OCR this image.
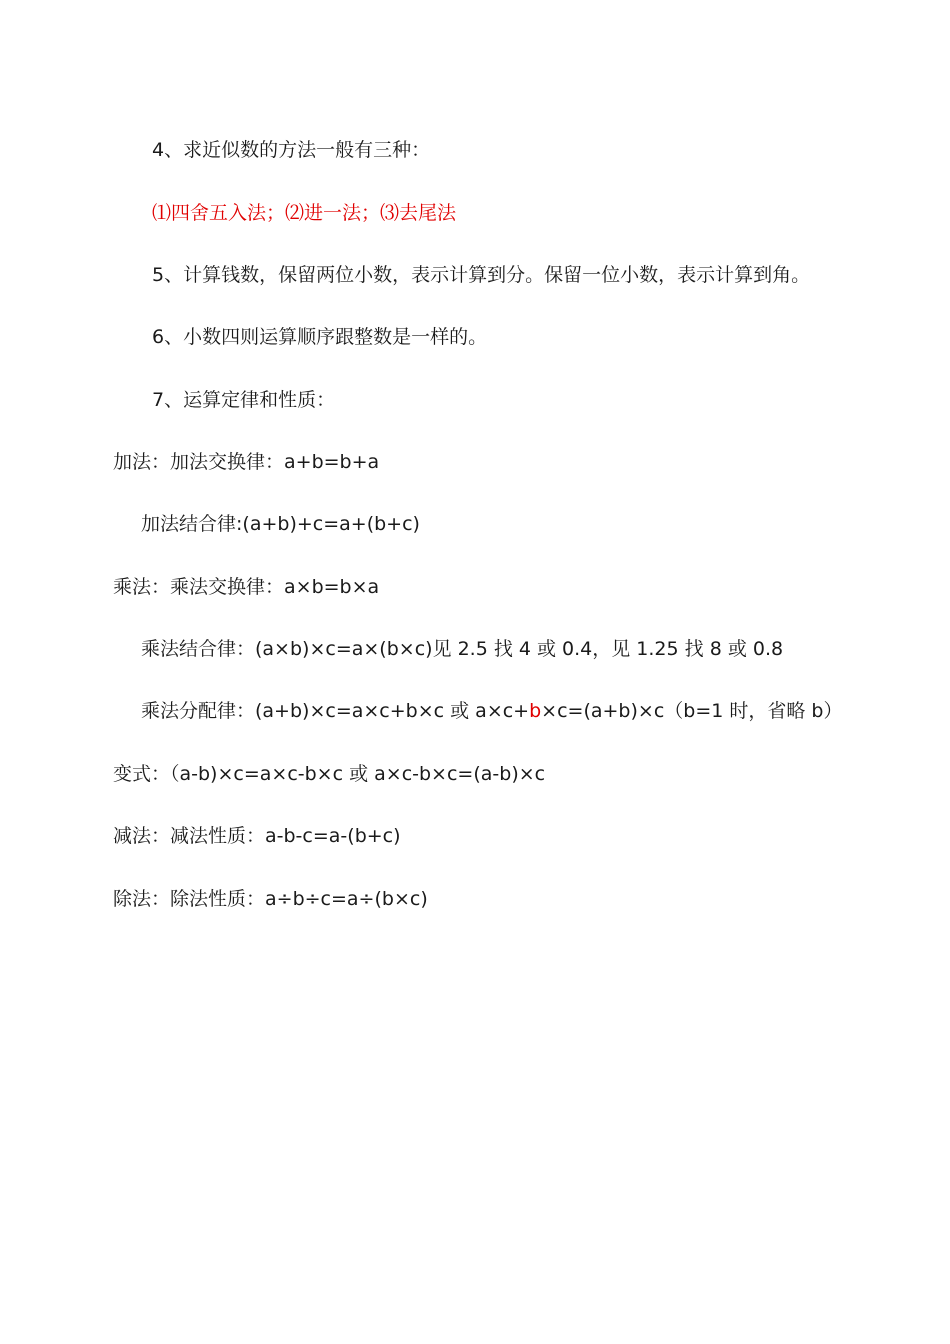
4、求近似数的方法一般有三种：
⑴四舍五入法；⑵进一法；⑶去尾法
5、计算钱数，保留两位小数，表示计算到分。保留一位小数，表示计算到角。
6、小数四则运算顺序跟整数是一样的。
7、运算定律和性质：
加法：加法交换律：a+b=b+a
加法结合律:(a+b)+c=a+(b+c)
乘法：乘法交换律：a×b=b×a
乘法结合律：(a×b)×c=a×(b×c)见 2.5 找 4 或 0.4，见 1.25 找 8 或 0.8
乘法分配律：(a+b)×c=a×c+b×c 或 a×c+b×c=(a+b)×c（b=1 时，省略 b）
变式：（a-b)×c=a×c-b×c 或 a×c-b×c=(a-b)×c
减法：减法性质：a-b-c=a-(b+c)
除法：除法性质：a÷b÷c=a÷(b×c)
